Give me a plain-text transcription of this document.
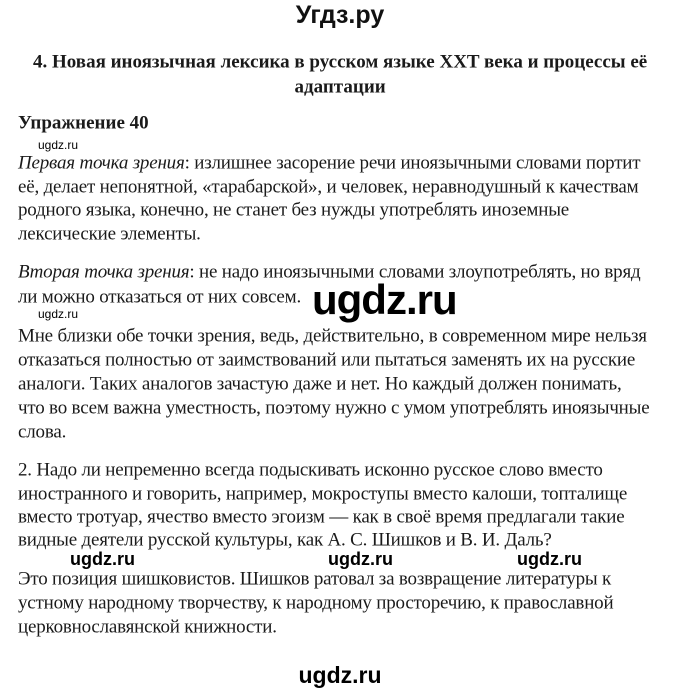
Угдз.ру
4. Новая иноязычная лексика в русском языке XXT века и процессы её
адаптации
Упражнение 40
ugdz.ru
Первая точка зрения: излишнее засорение речи иноязычными словами портит
её, делает непонятной, «тарабарской», и человек, неравнодушный к качествам
родного языка, конечно, не станет без нужды употреблять иноземные
лексические элементы.
Вторая точка зрения: не надо иноязычными словами злоупотреблять, но вряд
ли можно отказаться от них совсем. ugdz.ru
ugdz.ru
Мне близки обе точки зрения, ведь, действительно, в современном мире нельзя
отказаться полностью от заимствований или пытаться заменять их на русские
аналоги. Таких аналогов зачастую даже и нет. Но каждый должен понимать,
что во всем важна уместность, поэтому нужно с умом употреблять иноязычные
слова.
2. Надо ли непременно всегда подыскивать исконно русское слово вместо
иностранного и говорить, например, мокроступы вместо калоши, топталище
вместо тротуар, ячество вместо эгоизм — как в своё время предлагали такие
видные деятели русской культуры, как А. С. Шишков и В. И. Даль?
ugdz.ru	ugdz.ru	ugdz.ru
Это позиция шишковистов. Шишков ратовал за возвращение литературы к
устному народному творчеству, к народному просторечию, к православной
церковнославянской книжности.
ugdz.ru
